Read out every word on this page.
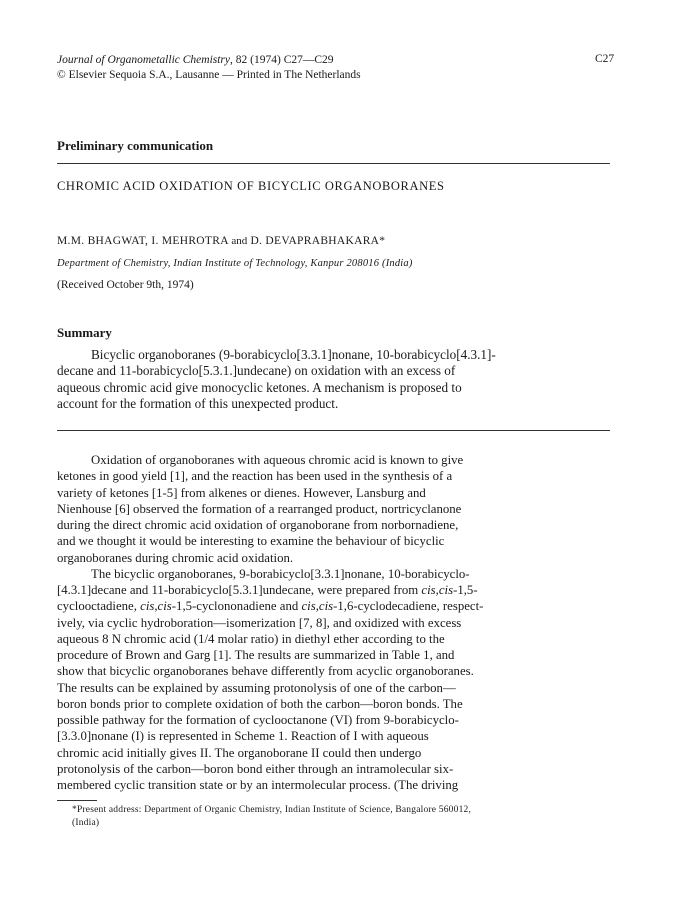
Journal of Organometallic Chemistry, 82 (1974) C27—C29
© Elsevier Sequoia S.A., Lausanne — Printed in The Netherlands
C27
Preliminary communication
CHROMIC ACID OXIDATION OF BICYCLIC ORGANOBORANES
M.M. BHAGWAT, I. MEHROTRA and D. DEVAPRABHAKARA*
Department of Chemistry, Indian Institute of Technology, Kanpur 208016 (India)
(Received October 9th, 1974)
Summary
Bicyclic organoboranes (9-borabicyclo[3.3.1]nonane, 10-borabicyclo[4.3.1]-
decane and 11-borabicyclo[5.3.1.]undecane) on oxidation with an excess of
aqueous chromic acid give monocyclic ketones. A mechanism is proposed to
account for the formation of this unexpected product.
Oxidation of organoboranes with aqueous chromic acid is known to give
ketones in good yield [1], and the reaction has been used in the synthesis of a
variety of ketones [1-5] from alkenes or dienes. However, Lansburg and
Nienhouse [6] observed the formation of a rearranged product, nortricyclanone
during the direct chromic acid oxidation of organoborane from norbornadiene,
and we thought it would be interesting to examine the behaviour of bicyclic
organoboranes during chromic acid oxidation.
The bicyclic organoboranes, 9-borabicyclo[3.3.1]nonane, 10-borabicyclo-
[4.3.1]decane and 11-borabicyclo[5.3.1]undecane, were prepared from cis,cis-1,5-
cyclooctadiene, cis,cis-1,5-cyclononadiene and cis,cis-1,6-cyclodecadiene, respect-
ively, via cyclic hydroboration—isomerization [7, 8], and oxidized with excess
aqueous 8 N chromic acid (1/4 molar ratio) in diethyl ether according to the
procedure of Brown and Garg [1]. The results are summarized in Table 1, and
show that bicyclic organoboranes behave differently from acyclic organoboranes.
The results can be explained by assuming protonolysis of one of the carbon—
boron bonds prior to complete oxidation of both the carbon—boron bonds. The
possible pathway for the formation of cyclooctanone (VI) from 9-borabicyclo-
[3.3.0]nonane (I) is represented in Scheme 1. Reaction of I with aqueous
chromic acid initially gives II. The organoborane II could then undergo
protonolysis of the carbon—boron bond either through an intramolecular six-
membered cyclic transition state or by an intermolecular process. (The driving
*Present address: Department of Organic Chemistry, Indian Institute of Science, Bangalore 560012,
(India)
